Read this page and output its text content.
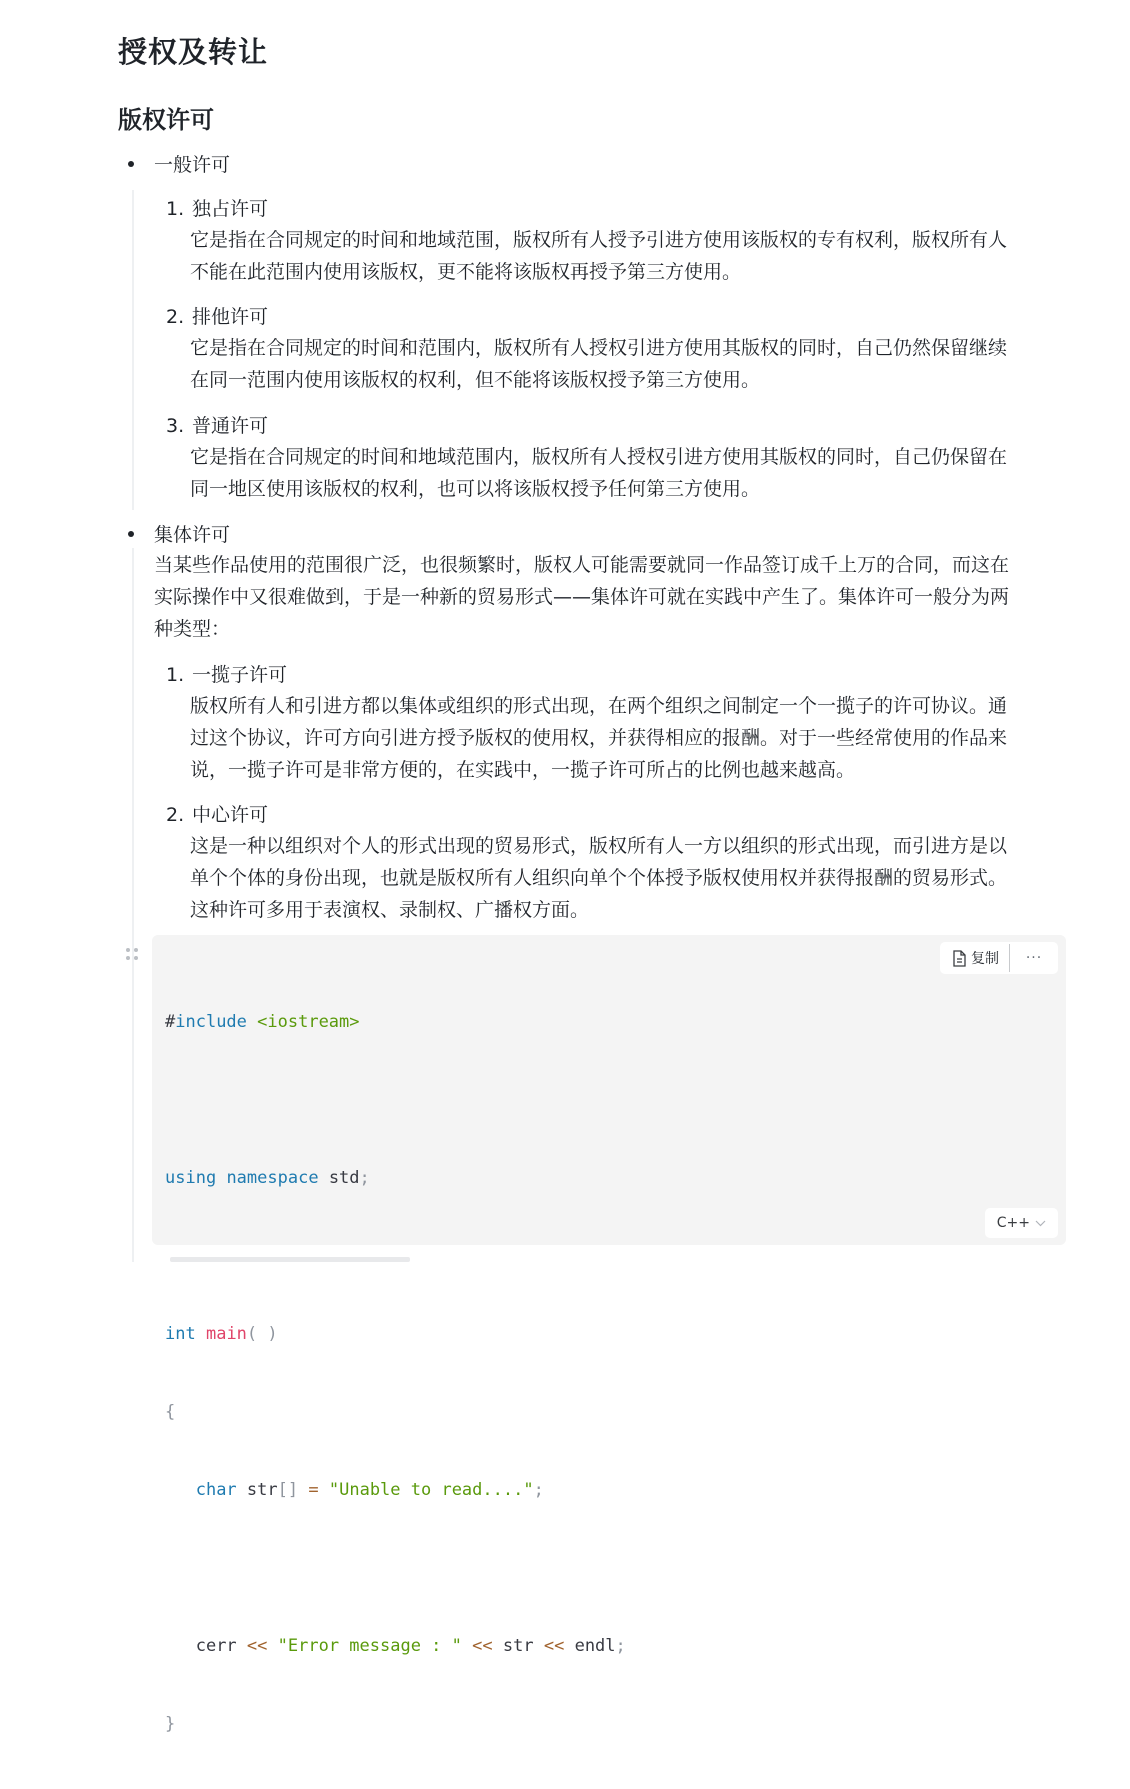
授权及转让
版权许可
一般许可
1. 独占许可
它是指在合同规定的时间和地域范围，版权所有人授予引进方使用该版权的专有权利，版权所有人
不能在此范围内使用该版权，更不能将该版权再授予第三方使用。
2. 排他许可
它是指在合同规定的时间和范围内，版权所有人授权引进方使用其版权的同时，自己仍然保留继续
在同一范围内使用该版权的权利，但不能将该版权授予第三方使用。
3. 普通许可
它是指在合同规定的时间和地域范围内，版权所有人授权引进方使用其版权的同时，自己仍保留在
同一地区使用该版权的权利，也可以将该版权授予任何第三方使用。
集体许可
当某些作品使用的范围很广泛，也很频繁时，版权人可能需要就同一作品签订成千上万的合同，而这在
实际操作中又很难做到，于是一种新的贸易形式——集体许可就在实践中产生了。集体许可一般分为两
种类型：
1. 一揽子许可
版权所有人和引进方都以集体或组织的形式出现，在两个组织之间制定一个一揽子的许可协议。通
过这个协议，许可方向引进方授予版权的使用权，并获得相应的报酬。对于一些经常使用的作品来
说，一揽子许可是非常方便的，在实践中，一揽子许可所占的比例也越来越高。
2. 中心许可
这是一种以组织对个人的形式出现的贸易形式，版权所有人一方以组织的形式出现，而引进方是以
单个个体的身份出现，也就是版权所有人组织向单个个体授予版权使用权并获得报酬的贸易形式。
这种许可多用于表演权、录制权、广播权方面。
复制	···

#include <iostream>

using namespace std;

int main( )

{

char str[] = "Unable to read....";

cerr << "Error message : " << str << endl;

}

C++
